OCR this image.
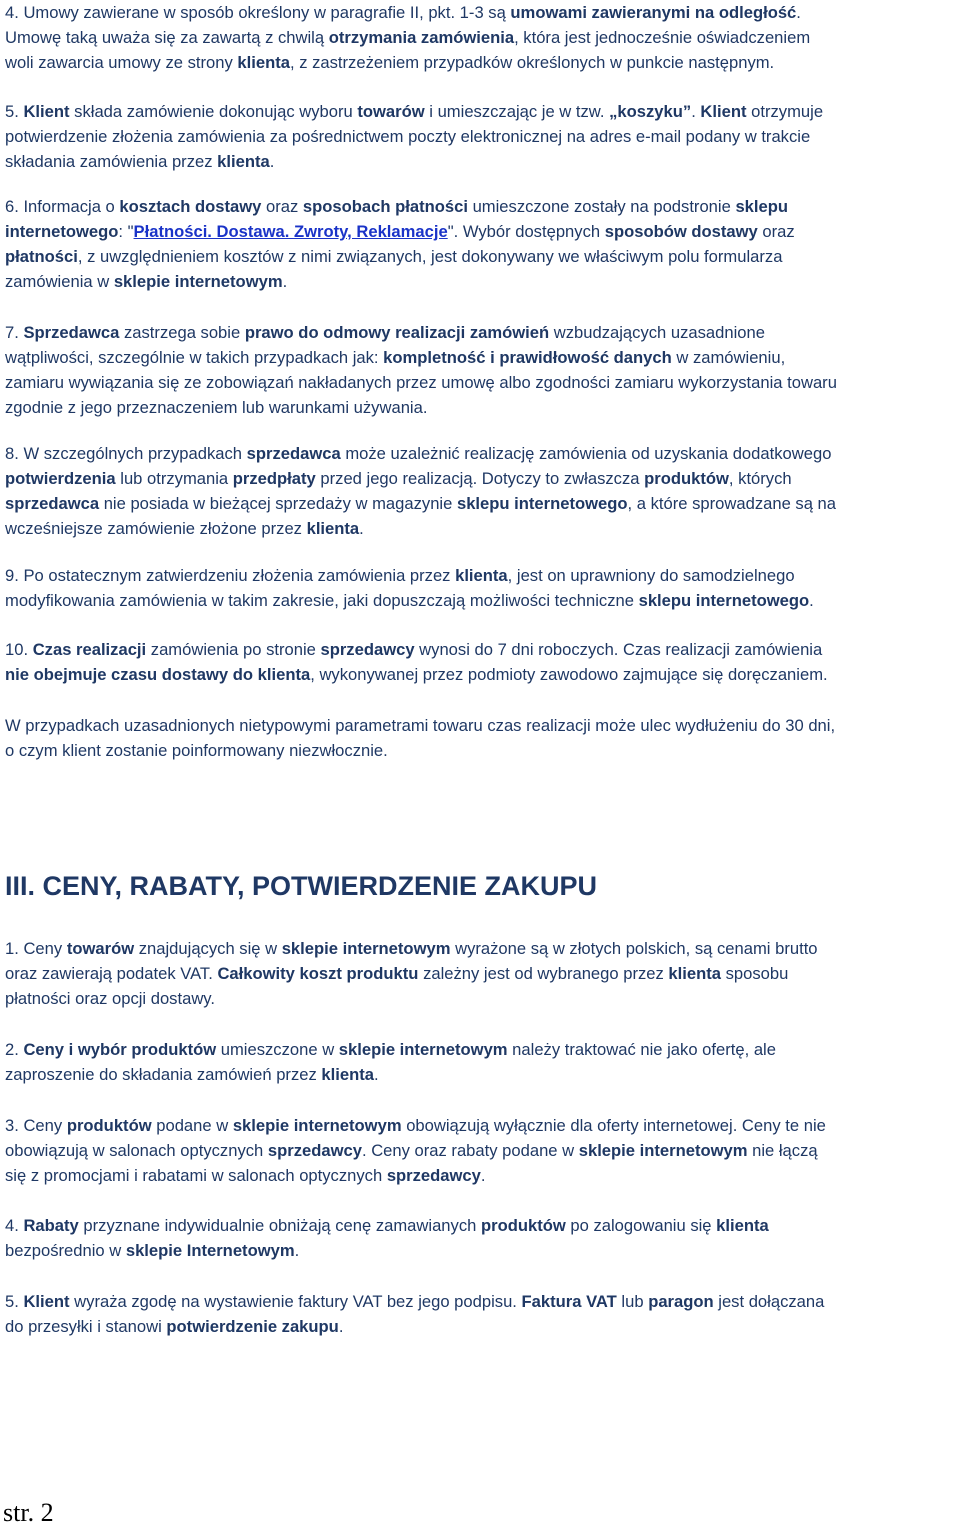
4. Umowy zawierane w sposób określony w paragrafie II, pkt. 1-3 są umowami zawieranymi na odległość.
Umowę taką uważa się za zawartą z chwilą otrzymania zamówienia, która jest jednocześnie oświadczeniem
woli zawarcia umowy ze strony klienta, z zastrzeżeniem przypadków określonych w punkcie następnym.
5. Klient składa zamówienie dokonując wyboru towarów i umieszczając je w tzw. „koszyku”. Klient otrzymuje
potwierdzenie złożenia zamówienia za pośrednictwem poczty elektronicznej na adres e-mail podany w trakcie
składania zamówienia przez klienta.
6. Informacja o kosztach dostawy oraz sposobach płatności umieszczone zostały na podstronie sklepu
internetowego: "Płatności. Dostawa. Zwroty, Reklamacje". Wybór dostępnych sposobów dostawy oraz
płatności, z uwzględnieniem kosztów z nimi związanych, jest dokonywany we właściwym polu formularza
zamówienia w sklepie internetowym.
7. Sprzedawca zastrzega sobie prawo do odmowy realizacji zamówień wzbudzających uzasadnione
wątpliwości, szczególnie w takich przypadkach jak: kompletność i prawidłowość danych w zamówieniu,
zamiaru wywiązania się ze zobowiązań nakładanych przez umowę albo zgodności zamiaru wykorzystania towaru
zgodnie z jego przeznaczeniem lub warunkami używania.
8. W szczególnych przypadkach sprzedawca może uzależnić realizację zamówienia od uzyskania dodatkowego
potwierdzenia lub otrzymania przedpłaty przed jego realizacją. Dotyczy to zwłaszcza produktów, których
sprzedawca nie posiada w bieżącej sprzedaży w magazynie sklepu internetowego, a które sprowadzane są na
wcześniejsze zamówienie złożone przez klienta.
9. Po ostatecznym zatwierdzeniu złożenia zamówienia przez klienta, jest on uprawniony do samodzielnego
modyfikowania zamówienia w takim zakresie, jaki dopuszczają możliwości techniczne sklepu internetowego.
10. Czas realizacji zamówienia po stronie sprzedawcy wynosi do 7 dni roboczych. Czas realizacji zamówienia
nie obejmuje czasu dostawy do klienta, wykonywanej przez podmioty zawodowo zajmujące się doręczaniem.
W przypadkach uzasadnionych nietypowymi parametrami towaru czas realizacji może ulec wydłużeniu do 30 dni,
o czym klient zostanie poinformowany niezwłocznie.
III. CENY, RABATY, POTWIERDZENIE ZAKUPU
1. Ceny towarów znajdujących się w sklepie internetowym wyrażone są w złotych polskich, są cenami brutto
oraz zawierają podatek VAT. Całkowity koszt produktu zależny jest od wybranego przez klienta sposobu
płatności oraz opcji dostawy.
2. Ceny i wybór produktów umieszczone w sklepie internetowym należy traktować nie jako ofertę, ale
zaproszenie do składania zamówień przez klienta.
3. Ceny produktów podane w sklepie internetowym obowiązują wyłącznie dla oferty internetowej. Ceny te nie
obowiązują w salonach optycznych sprzedawcy. Ceny oraz rabaty podane w sklepie internetowym nie łączą
się z promocjami i rabatami w salonach optycznych sprzedawcy.
4. Rabaty przyznane indywidualnie obniżają cenę zamawianych produktów po zalogowaniu się klienta
bezpośrednio w sklepie Internetowym.
5. Klient wyraża zgodę na wystawienie faktury VAT bez jego podpisu. Faktura VAT lub paragon jest dołączana
do przesyłki i stanowi potwierdzenie zakupu.
str. 2
